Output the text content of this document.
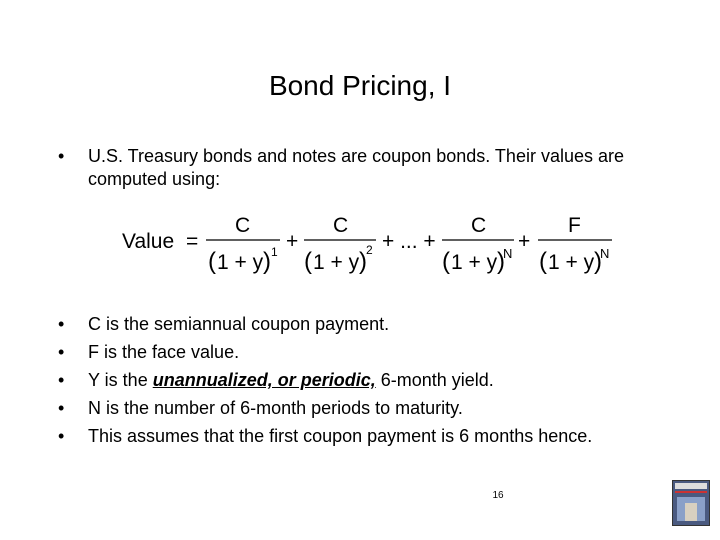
Bond Pricing, I
• U.S. Treasury bonds and notes are coupon bonds. Their values are computed using:
Value =
C
( 1 + y ) 1 +
C
( 1 + y ) 2 + ... +
C
( 1 + y )
N
+
F
( 1 + y )
N
• C is the semiannual coupon payment.
• F is the face value.
• Y is the unannualized, or periodic, 6-month yield.
• N is the number of 6-month periods to maturity.
• This assumes that the first coupon payment is 6 months hence.
16
